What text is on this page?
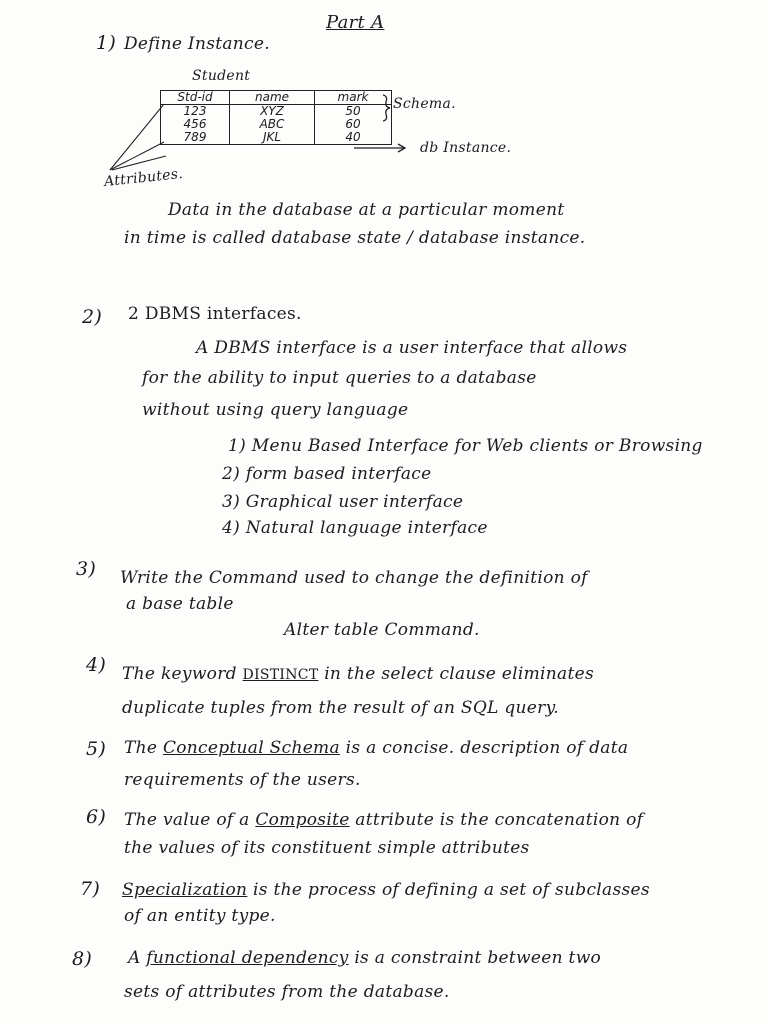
Part A
1) Define Instance.
Student
Std-id	name	mark
123	XYZ	50
456	ABC	60
789	JKL	40
Schema.
db Instance.
Attributes.
Data in the database at a particular moment
in time is called database state / database instance.
2) 2 DBMS interfaces.
A DBMS interface is a user interface that allows
for the ability to input queries to a database
without using query language
1) Menu Based Interface for Web clients or Browsing
2) form based interface
3) Graphical user interface
4) Natural language interface
3) Write the Command used to change the definition of
a base table
Alter table Command.
4) The keyword DISTINCT in the select clause eliminates
duplicate tuples from the result of an SQL query.
5) The Conceptual Schema is a concise. description of data
requirements of the users.
6) The value of a Composite attribute is the concatenation of
the values of its constituent simple attributes
7) Specialization is the process of defining a set of subclasses
of an entity type.
8) A functional dependency is a constraint between two
sets of attributes from the database.
